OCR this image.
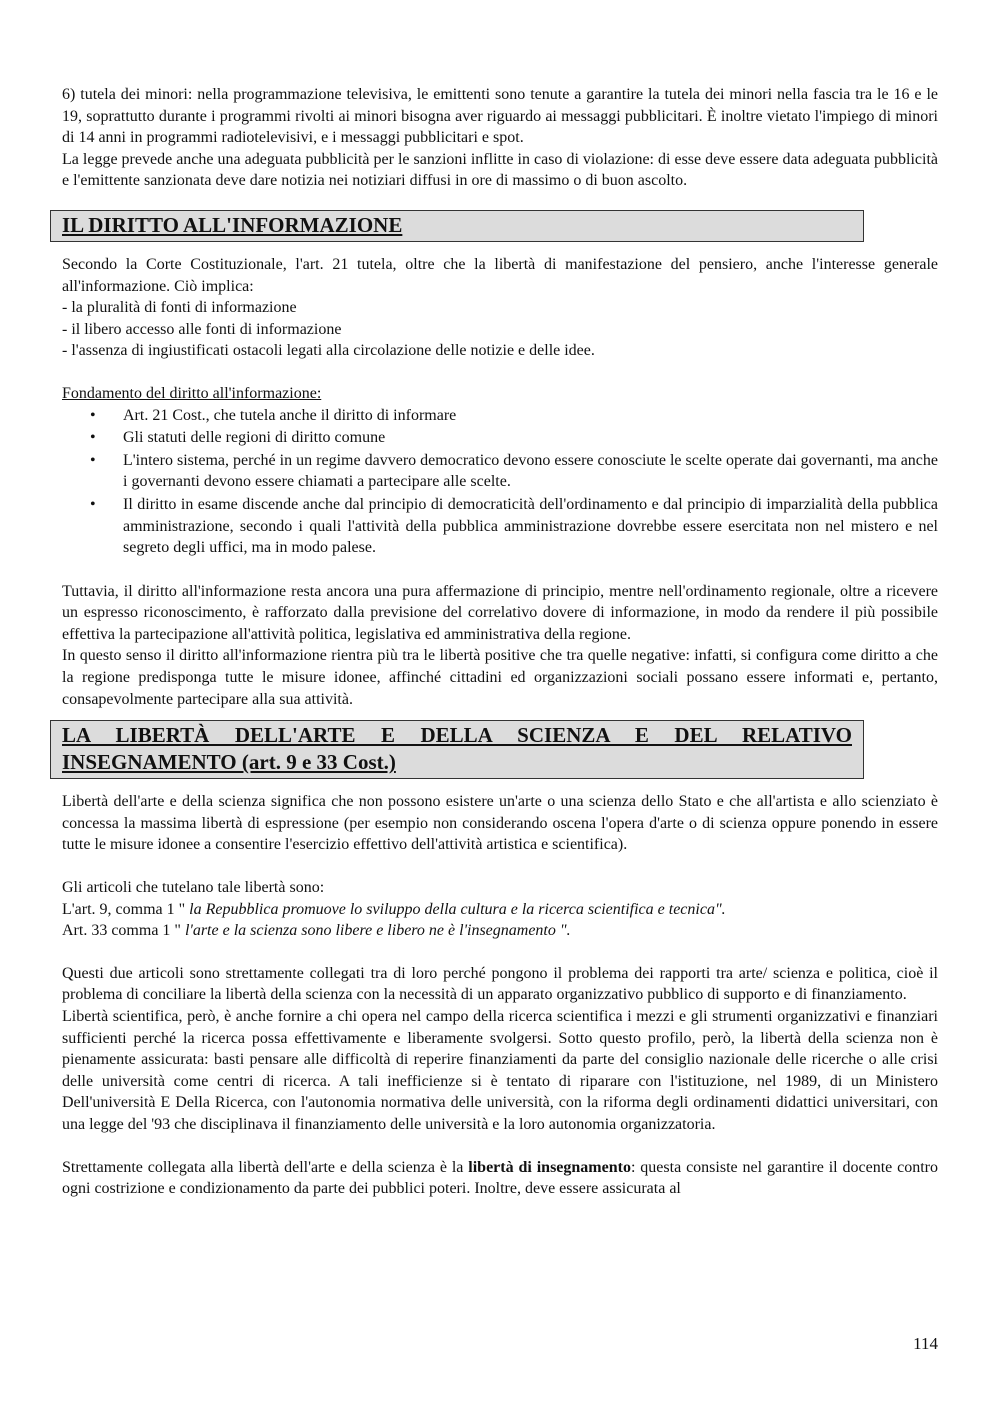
6) tutela dei minori: nella programmazione televisiva, le emittenti sono tenute a garantire la tutela dei minori nella fascia tra le 16 e le 19, soprattutto durante i programmi rivolti ai minori bisogna aver riguardo ai messaggi pubblicitari. È inoltre vietato l'impiego di minori di 14 anni in programmi radiotelevisivi, e i messaggi pubblicitari e spot.

La legge prevede anche una adeguata pubblicità per le sanzioni inflitte in caso di violazione: di esse deve essere data adeguata pubblicità e l'emittente sanzionata deve dare notizia nei notiziari diffusi in ore di massimo o di buon ascolto.

IL DIRITTO ALL'INFORMAZIONE

Secondo la Corte Costituzionale, l'art. 21 tutela, oltre che la libertà di manifestazione del pensiero, anche l'interesse generale all'informazione. Ciò implica:

- la pluralità di fonti di informazione

- il libero accesso alle fonti di informazione

- l'assenza di ingiustificati ostacoli legati alla circolazione delle notizie e delle idee.

Fondamento del diritto all'informazione:

• Art. 21 Cost., che tutela anche il diritto di informare
• Gli statuti delle regioni di diritto comune
• L'intero sistema, perché in un regime davvero democratico devono essere conosciute le scelte operate dai governanti, ma anche i governanti devono essere chiamati a partecipare alle scelte.
• Il diritto in esame discende anche dal principio di democraticità dell'ordinamento e dal principio di imparzialità della pubblica amministrazione, secondo i quali l'attività della pubblica amministrazione dovrebbe essere esercitata non nel mistero e nel segreto degli uffici, ma in modo palese.

Tuttavia, il diritto all'informazione resta ancora una pura affermazione di principio, mentre nell'ordinamento regionale, oltre a ricevere un espresso riconoscimento, è rafforzato dalla previsione del correlativo dovere di informazione, in modo da rendere il più possibile effettiva la partecipazione all'attività politica, legislativa ed amministrativa della regione.

In questo senso il diritto all'informazione rientra più tra le libertà positive che tra quelle negative: infatti, si configura come diritto a che la regione predisponga tutte le misure idonee, affinché cittadini ed organizzazioni sociali possano essere informati e, pertanto, consapevolmente partecipare alla sua attività.

LA LIBERTÀ DELL'ARTE E DELLA SCIENZA E DEL RELATIVO INSEGNAMENTO (art. 9 e 33 Cost.)

Libertà dell'arte e della scienza significa che non possono esistere un'arte o una scienza dello Stato e che all'artista e allo scienziato è concessa la massima libertà di espressione (per esempio non considerando oscena l'opera d'arte o di scienza oppure ponendo in essere tutte le misure idonee a consentire l'esercizio effettivo dell'attività artistica e scientifica).

Gli articoli che tutelano tale libertà sono:

L'art. 9, comma 1 " la Repubblica promuove lo sviluppo della cultura e la ricerca scientifica e tecnica".

Art. 33 comma 1 " l'arte e la scienza sono libere e libero ne è l'insegnamento ".

Questi due articoli sono strettamente collegati tra di loro perché pongono il problema dei rapporti tra arte/ scienza e politica, cioè il problema di conciliare la libertà della scienza con la necessità di un apparato organizzativo pubblico di supporto e di finanziamento.

Libertà scientifica, però, è anche fornire a chi opera nel campo della ricerca scientifica i mezzi e gli strumenti organizzativi e finanziari sufficienti perché la ricerca possa effettivamente e liberamente svolgersi. Sotto questo profilo, però, la libertà della scienza non è pienamente assicurata: basti pensare alle difficoltà di reperire finanziamenti da parte del consiglio nazionale delle ricerche o alle crisi delle università come centri di ricerca. A tali inefficienze si è tentato di riparare con l'istituzione, nel 1989, di un Ministero Dell'università E Della Ricerca, con l'autonomia normativa delle università, con la riforma degli ordinamenti didattici universitari, con una legge del '93 che disciplinava il finanziamento delle università e la loro autonomia organizzatoria.

Strettamente collegata alla libertà dell'arte e della scienza è la libertà di insegnamento: questa consiste nel garantire il docente contro ogni costrizione e condizionamento da parte dei pubblici poteri. Inoltre, deve essere assicurata al

114
